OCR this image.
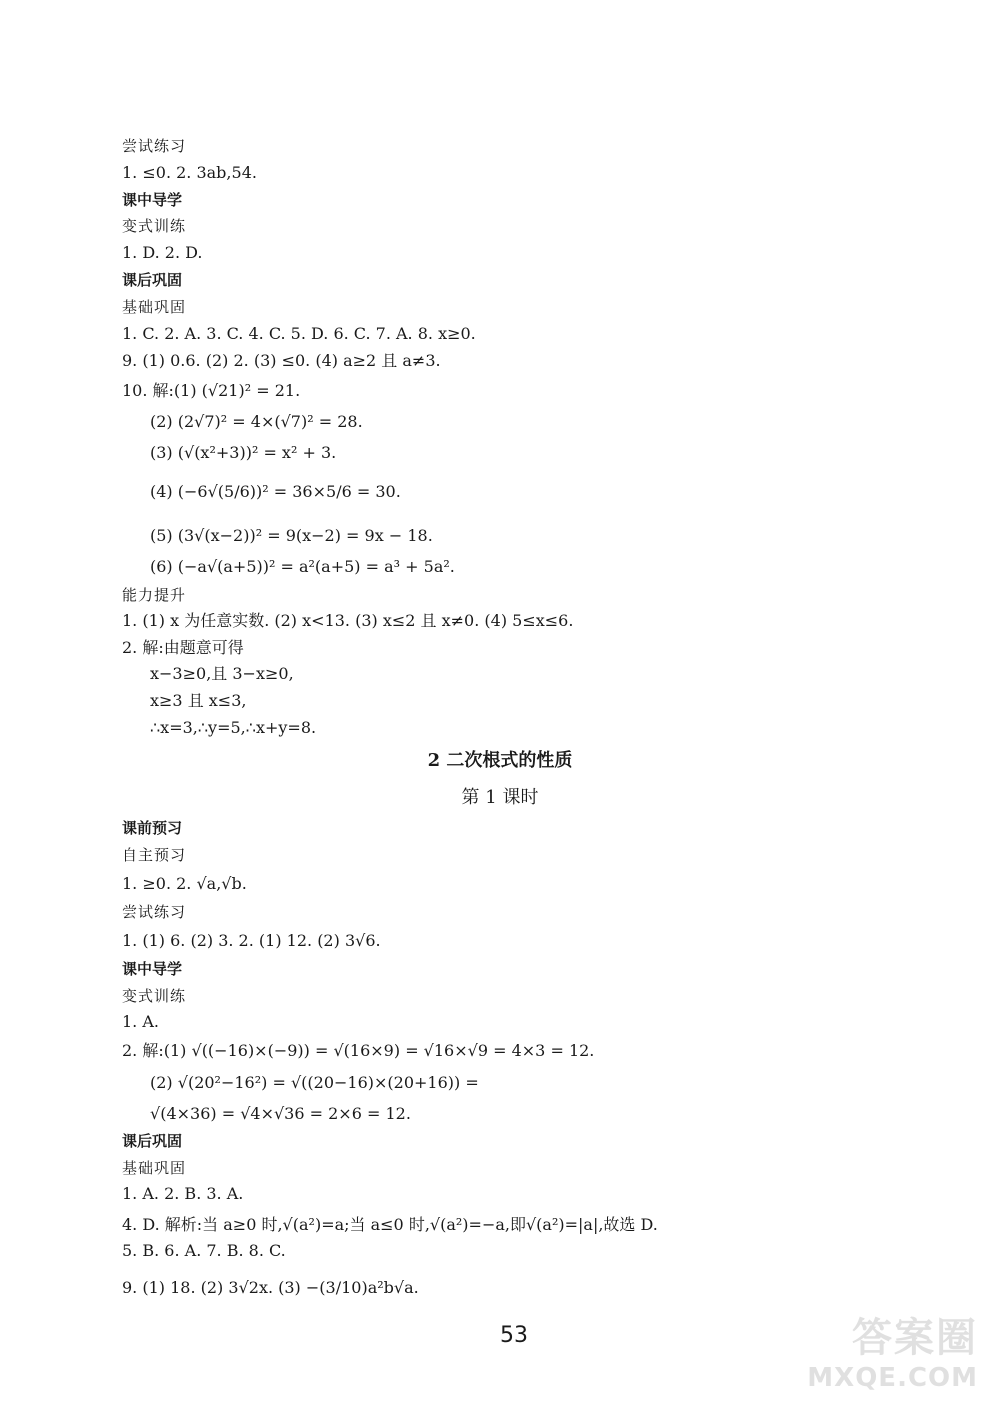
尝试练习
1. ≤0. 2. 3ab,54.
课中导学
变式训练
1. D. 2. D.
课后巩固
基础巩固
1. C. 2. A. 3. C. 4. C. 5. D. 6. C. 7. A. 8. x≥0.
9. (1) 0.6. (2) 2. (3) ≤0. (4) a≥2 且 a≠3.
10. 解:(1) (√21)² = 21.
(2) (2√7)² = 4×(√7)² = 28.
(3) (√(x²+3))² = x² + 3.
(4) (−6√(5/6))² = 36×5/6 = 30.
(5) (3√(x−2))² = 9(x−2) = 9x − 18.
(6) (−a√(a+5))² = a²(a+5) = a³ + 5a².
能力提升
1. (1) x 为任意实数. (2) x<13. (3) x≤2 且 x≠0. (4) 5≤x≤6.
2. 解:由题意可得
x−3≥0,且 3−x≥0,
x≥3 且 x≤3,
∴x=3,∴y=5,∴x+y=8.
2 二次根式的性质
第 1 课时
课前预习
自主预习
1. ≥0. 2. √a,√b.
尝试练习
1. (1) 6. (2) 3. 2. (1) 12. (2) 3√6.
课中导学
变式训练
1. A.
2. 解:(1) √((−16)×(−9)) = √(16×9) = √16×√9 = 4×3 = 12.
(2) √(20²−16²) = √((20−16)×(20+16)) =
√(4×36) = √4×√36 = 2×6 = 12.
课后巩固
基础巩固
1. A. 2. B. 3. A.
4. D. 解析:当 a≥0 时,√(a²)=a;当 a≤0 时,√(a²)=−a,即√(a²)=|a|,故选 D.
5. B. 6. A. 7. B. 8. C.
9. (1) 18. (2) 3√2x. (3) −(3/10)a²b√a.
53	答案圈
MXQE.COM
